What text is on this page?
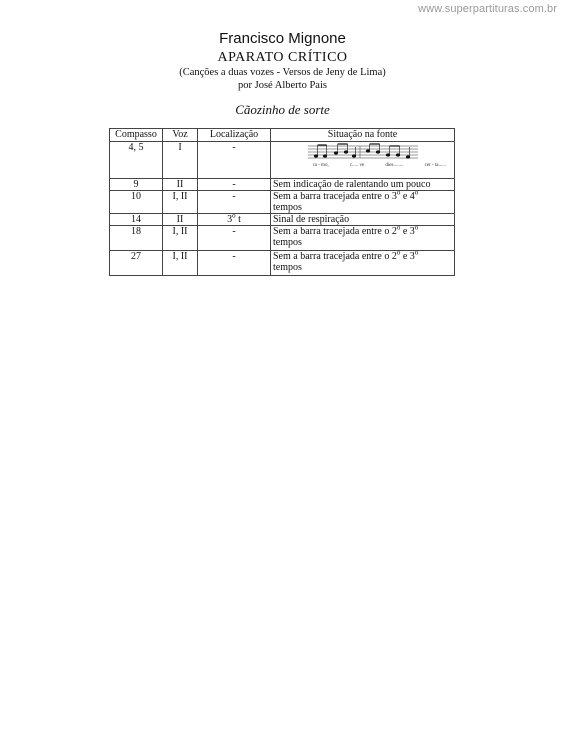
www.superpartituras.com.br
Francisco Mignone
APARATO CRÍTICO
(Canções a duas vozes - Versos de Jeny de Lima)
por José Alberto Pais
Cãozinho de sorte
Compasso	Voz	Localização	Situação na fonte
4, 5	I	-	ra - mo, c..... ve dies........ cer - ta......

9	II	-	Sem indicação de ralentando um pouco
10	I, II	-	Sem a barra tracejada entre o 3$^o$ e 4$^o$
tempos
14	II	3$^o$ t	Sinal de respiração
18	I, II	-	Sem a barra tracejada entre o 2$^o$ e 3$^o$
tempos
27	I, II	-	Sem a barra tracejada entre o 2$^o$ e 3$^o$
tempos
